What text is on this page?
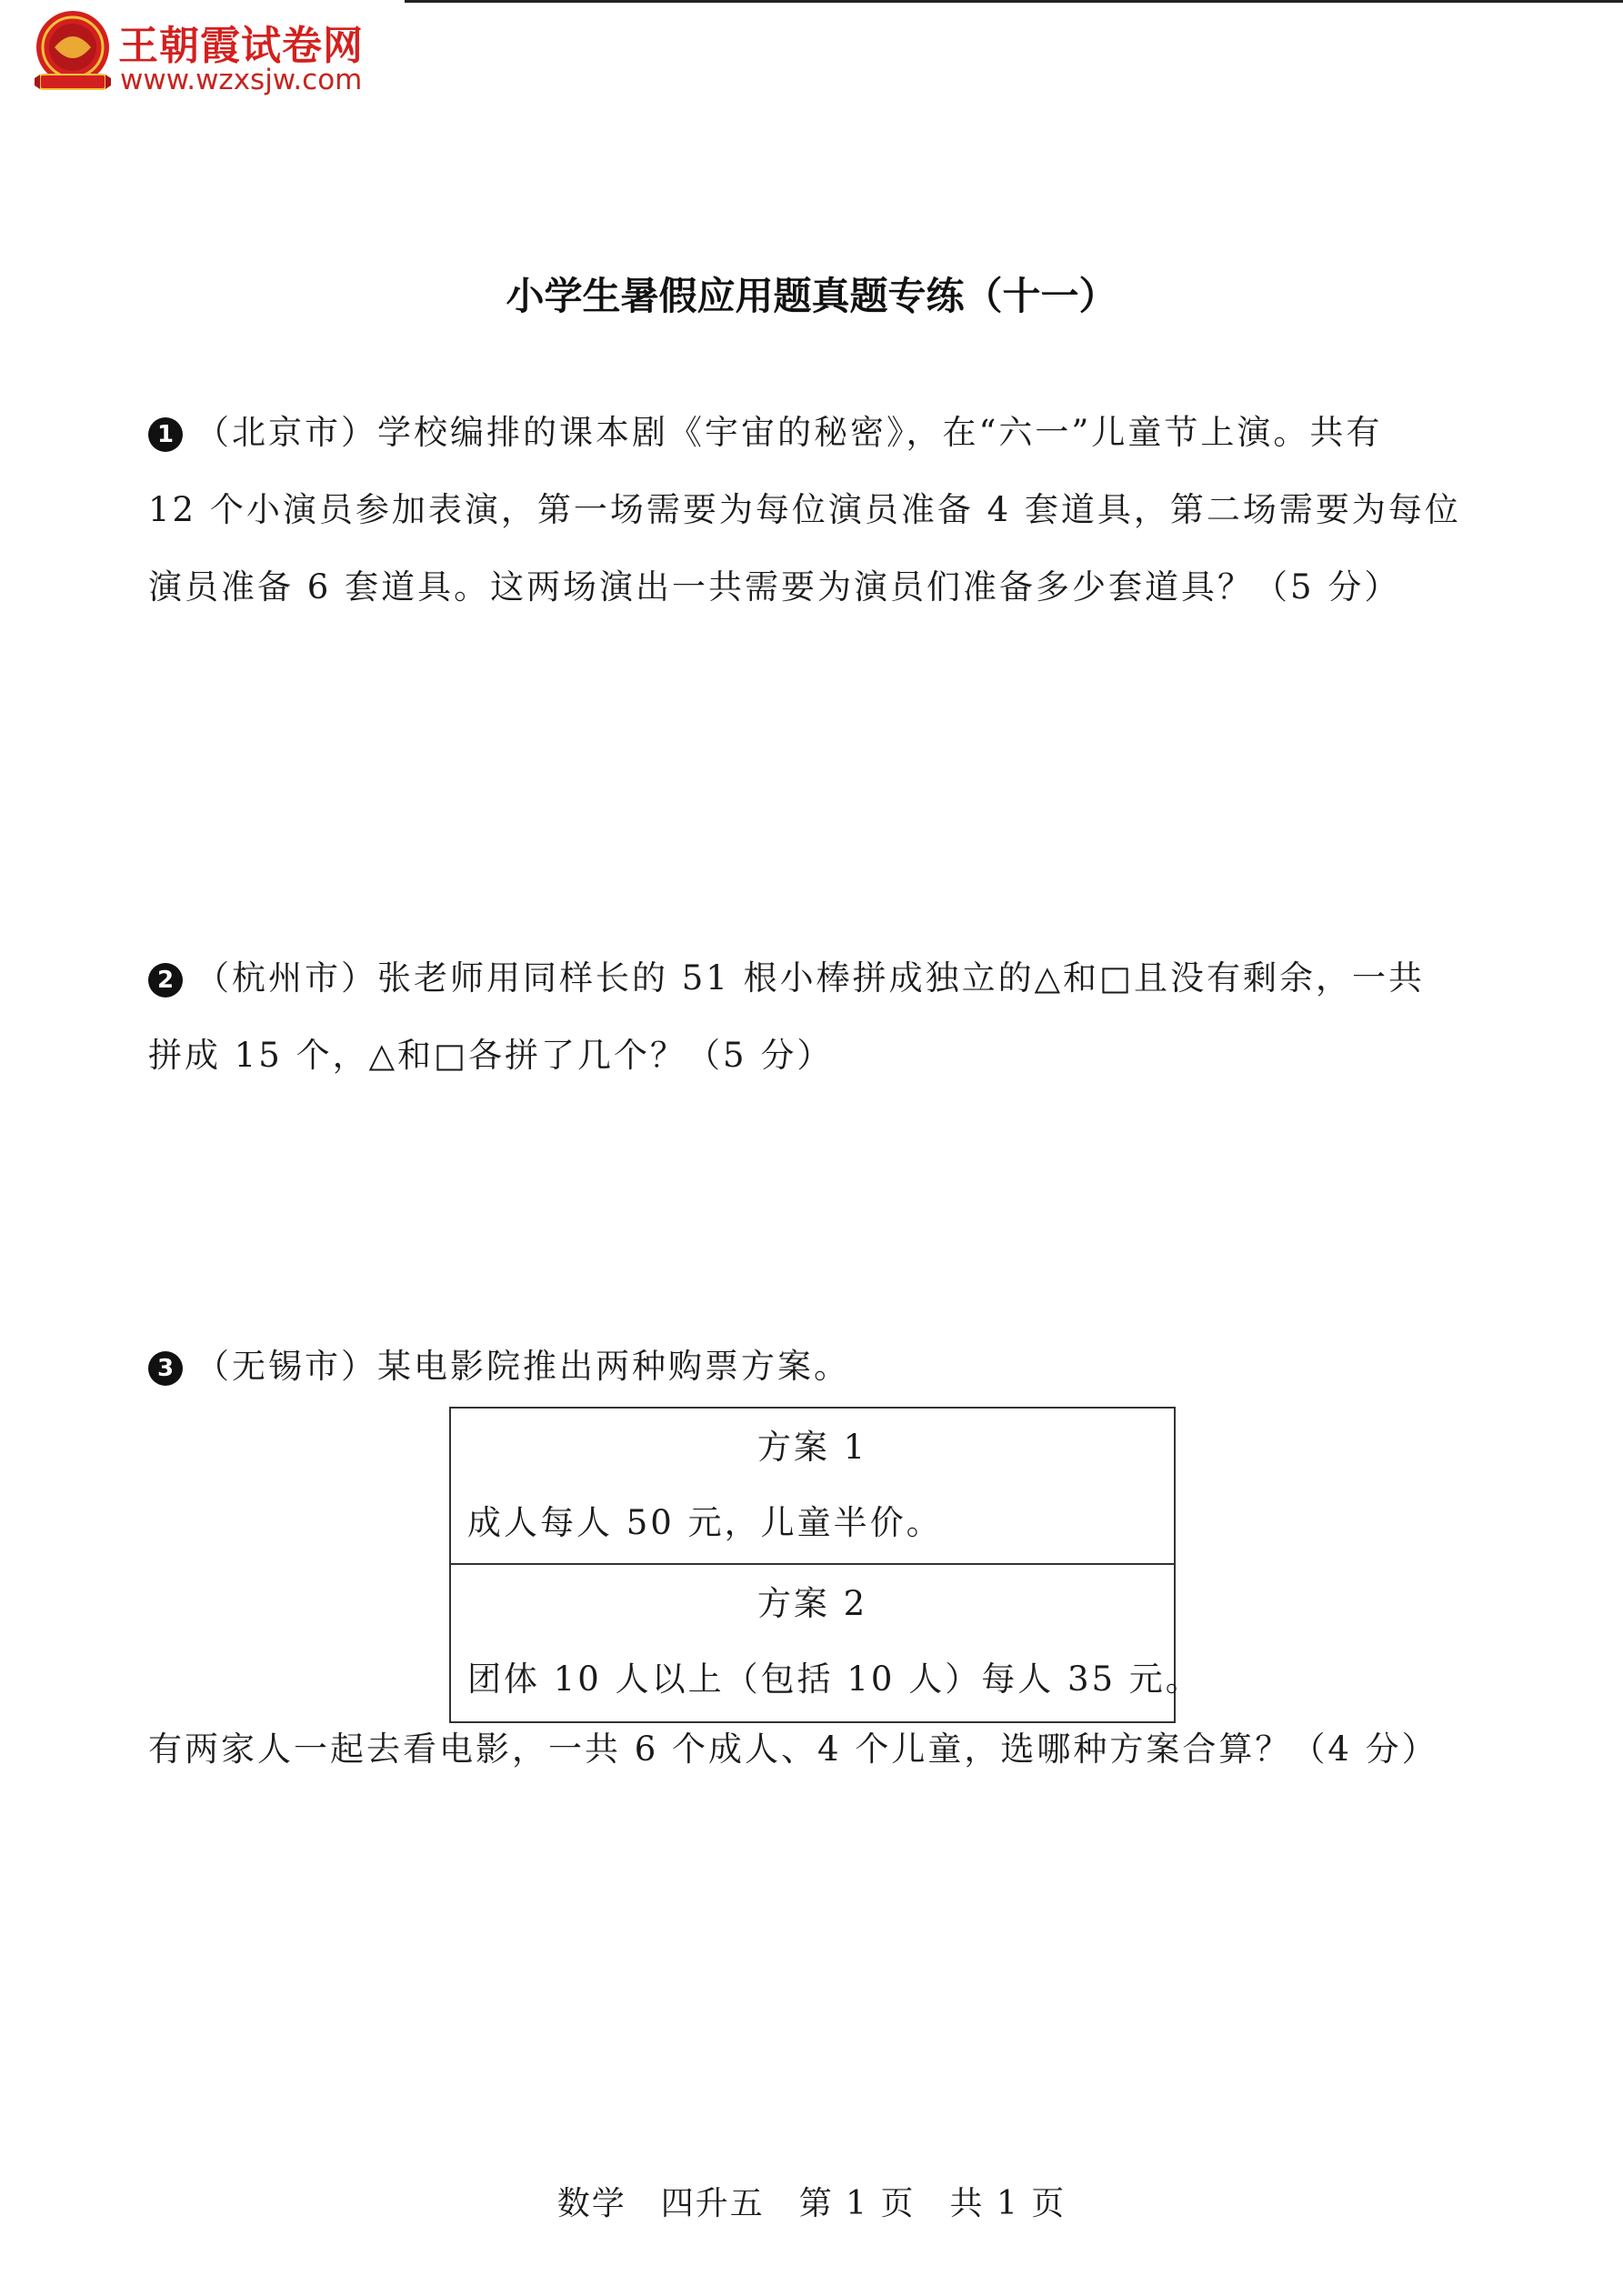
王朝霞试卷网
www.wzxsjw.com
小学生暑假应用题真题专练（十一）
1 （北京市）学校编排的课本剧《宇宙的秘密》，在“六一”儿童节上演。共有
12 个小演员参加表演，第一场需要为每位演员准备 4 套道具，第二场需要为每位
演员准备 6 套道具。这两场演出一共需要为演员们准备多少套道具？（5 分）
2 （杭州市）张老师用同样长的 51 根小棒拼成独立的△和□且没有剩余，一共
拼成 15 个，△和□各拼了几个？（5 分）
3 （无锡市）某电影院推出两种购票方案。
方案 1
成人每人 50 元，儿童半价。
方案 2
团体 10 人以上（包括 10 人）每人 35 元。
有两家人一起去看电影，一共 6 个成人、4 个儿童，选哪种方案合算？（4 分）
数学　四升五　第 1 页　共 1 页
